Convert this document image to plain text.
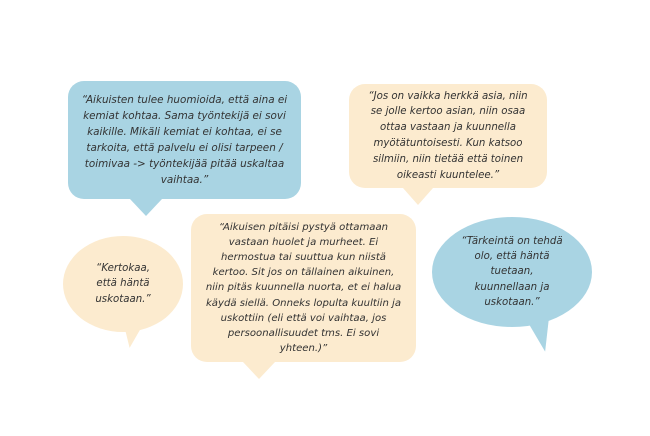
“Aikuisten tulee huomioida, että aina ei kemiat kohtaa. Sama työntekijä ei sovi kaikille. Mikäli kemiat ei kohtaa, ei se tarkoita, että palvelu ei olisi tarpeen / toimivaa -> työntekijää pitää uskaltaa vaihtaa.”
“Jos on vaikka herkkä asia, niin se jolle kertoo asian, niin osaa ottaa vastaan ja kuunnella myötätuntoisesti. Kun katsoo silmiin, niin tietää että toinen oikeasti kuuntelee.”
“Kertokaa, että häntä uskotaan.”
“Aikuisen pitäisi pystyä ottamaan vastaan huolet ja murheet. Ei hermostua tai suuttua kun niistä kertoo. Sit jos on tällainen aikuinen, niin pitäs kuunnella nuorta, et ei halua käydä siellä. Onneks lopulta kuultiin ja uskottiin (eli että voi vaihtaa, jos persoonallisuudet tms. Ei sovi yhteen.)”
“Tärkeintä on tehdä olo, että häntä tuetaan, kuunnellaan ja uskotaan.”
